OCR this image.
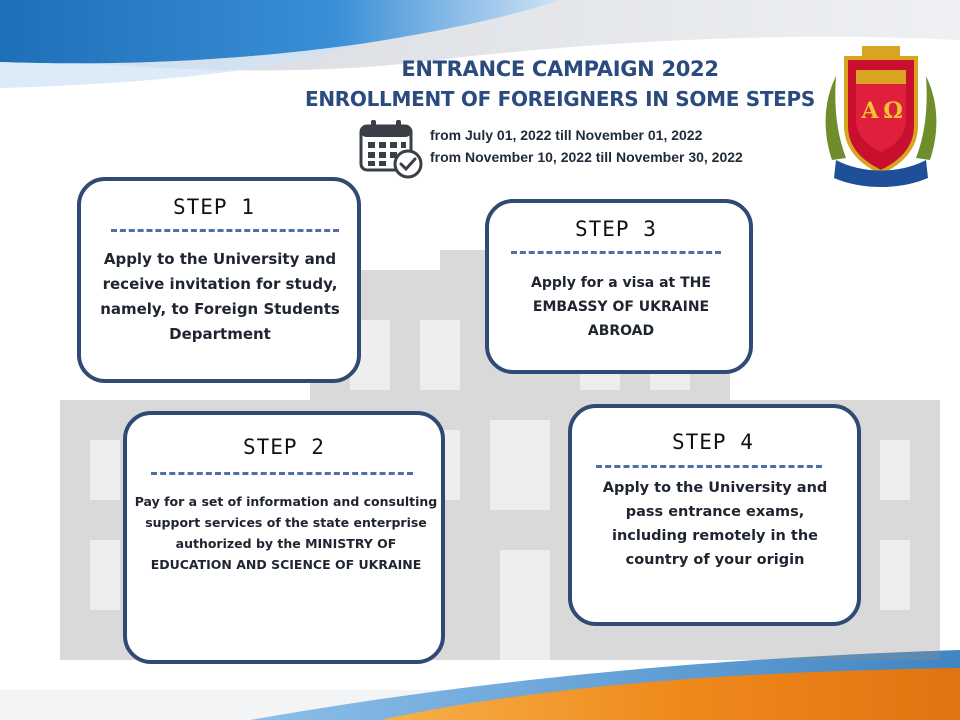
ENTRANCE CAMPAIGN 2022
ENROLLMENT OF FOREIGNERS IN SOME STEPS
from July 01, 2022 till November 01, 2022
from November 10, 2022 till November 30, 2022
A Ω
STEP 1
Apply to the University and receive invitation for study, namely, to Foreign Students Department
STEP 3
Apply for a visa at THE EMBASSY OF UKRAINE ABROAD
STEP 2
Pay for a set of information and consulting support services of the state enterprise authorized by the MINISTRY OF EDUCATION AND SCIENCE OF UKRAINE
STEP 4
Apply to the University and pass entrance exams, including remotely in the country of your origin
